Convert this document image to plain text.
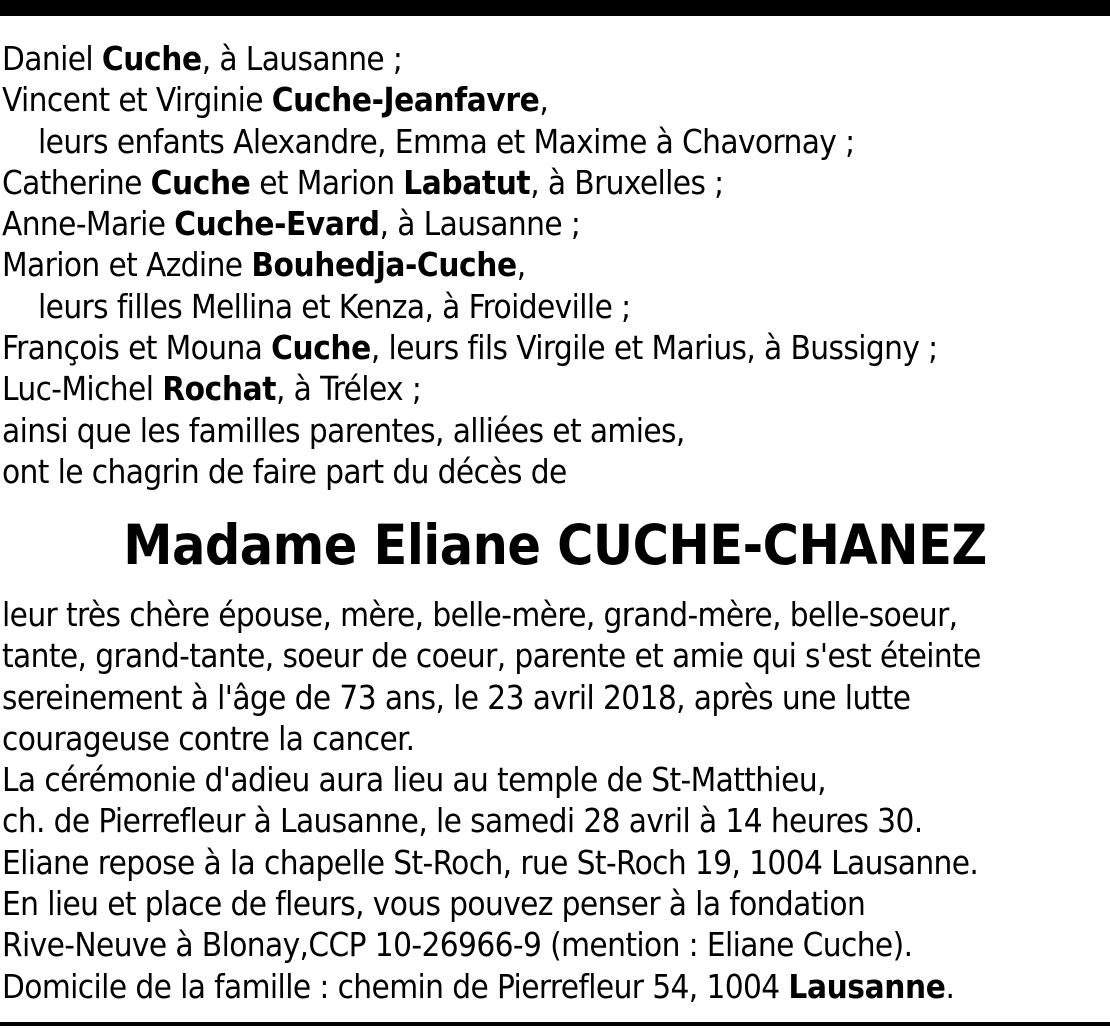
Daniel Cuche, à Lausanne ;
Vincent et Virginie Cuche-Jeanfavre,
leurs enfants Alexandre, Emma et Maxime à Chavornay ;
Catherine Cuche et Marion Labatut, à Bruxelles ;
Anne-Marie Cuche-Evard, à Lausanne ;
Marion et Azdine Bouhedja-Cuche,
leurs filles Mellina et Kenza, à Froideville ;
François et Mouna Cuche, leurs fils Virgile et Marius, à Bussigny ;
Luc-Michel Rochat, à Trélex ;
ainsi que les familles parentes, alliées et amies,
ont le chagrin de faire part du décès de
Madame Eliane CUCHE-CHANEZ
leur très chère épouse, mère, belle-mère, grand-mère, belle-soeur,
tante, grand-tante, soeur de coeur, parente et amie qui s'est éteinte
sereinement à l'âge de 73 ans, le 23 avril 2018, après une lutte
courageuse contre la cancer.
La cérémonie d'adieu aura lieu au temple de St-Matthieu,
ch. de Pierrefleur à Lausanne, le samedi 28 avril à 14 heures 30.
Eliane repose à la chapelle St-Roch, rue St-Roch 19, 1004 Lausanne.
En lieu et place de fleurs, vous pouvez penser à la fondation
Rive-Neuve à Blonay,CCP 10-26966-9 (mention : Eliane Cuche).
Domicile de la famille : chemin de Pierrefleur 54, 1004 Lausanne.
